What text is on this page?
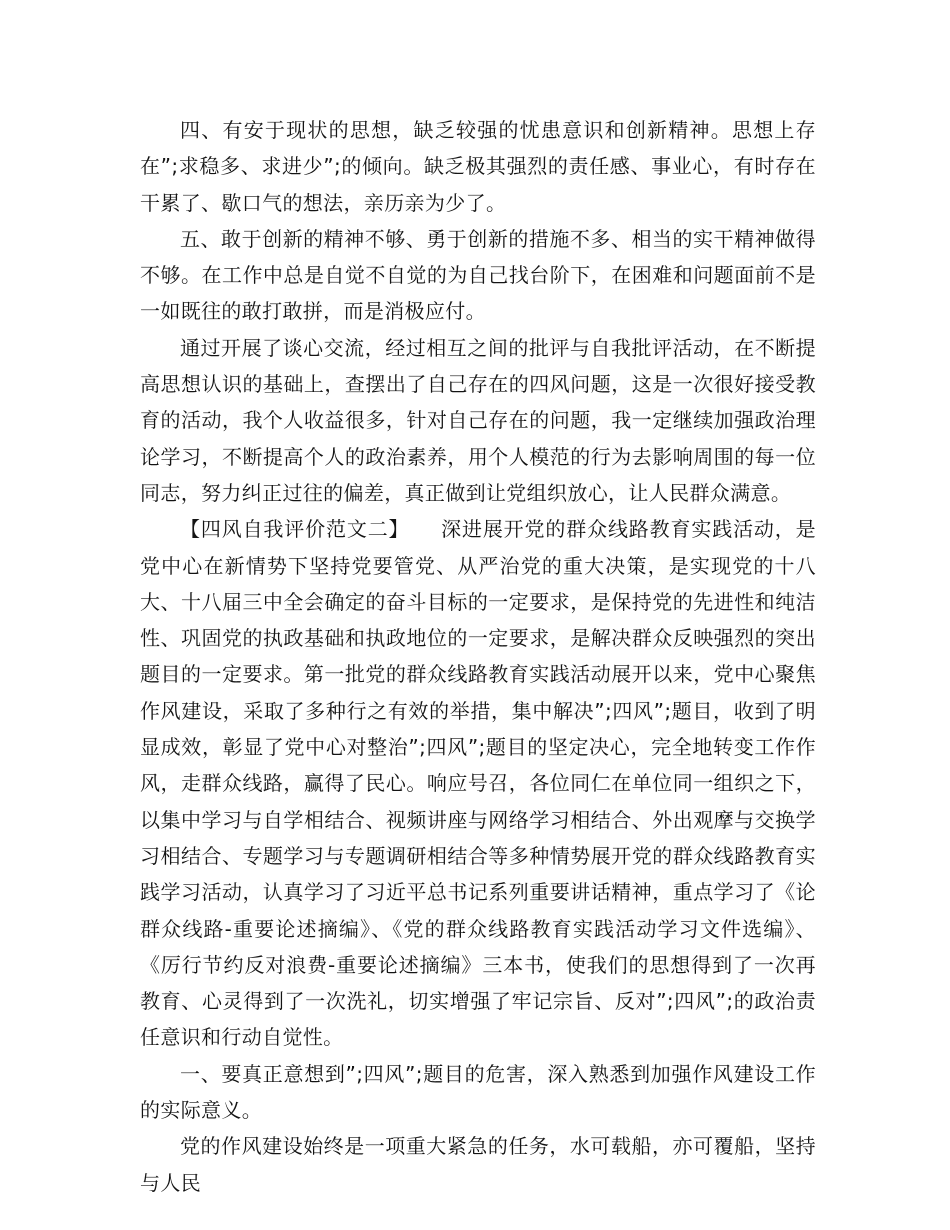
四、有安于现状的思想，缺乏较强的忧患意识和创新精神。思想上存在”;求稳多、求进少”;的倾向。缺乏极其强烈的责任感、事业心，有时存在干累了、歇口气的想法，亲历亲为少了。

五、敢于创新的精神不够、勇于创新的措施不多、相当的实干精神做得不够。在工作中总是自觉不自觉的为自己找台阶下，在困难和问题面前不是一如既往的敢打敢拼，而是消极应付。

通过开展了谈心交流，经过相互之间的批评与自我批评活动，在不断提高思想认识的基础上，查摆出了自己存在的四风问题，这是一次很好接受教育的活动，我个人收益很多，针对自己存在的问题，我一定继续加强政治理论学习，不断提高个人的政治素养，用个人模范的行为去影响周围的每一位同志，努力纠正过往的偏差，真正做到让党组织放心，让人民群众满意。

【四风自我评价范文二】　　深进展开党的群众线路教育实践活动，是党中心在新情势下坚持党要管党、从严治党的重大决策，是实现党的十八大、十八届三中全会确定的奋斗目标的一定要求，是保持党的先进性和纯洁性、巩固党的执政基础和执政地位的一定要求，是解决群众反映强烈的突出题目的一定要求。第一批党的群众线路教育实践活动展开以来，党中心聚焦作风建设，采取了多种行之有效的举措，集中解决”;四风”;题目，收到了明显成效，彰显了党中心对整治”;四风”;题目的坚定决心，完全地转变工作作风，走群众线路，赢得了民心。响应号召，各位同仁在单位同一组织之下，以集中学习与自学相结合、视频讲座与网络学习相结合、外出观摩与交换学习相结合、专题学习与专题调研相结合等多种情势展开党的群众线路教育实践学习活动，认真学习了习近平总书记系列重要讲话精神，重点学习了《论群众线路-重要论述摘编》、《党的群众线路教育实践活动学习文件选编》、《厉行节约反对浪费-重要论述摘编》三本书，使我们的思想得到了一次再教育、心灵得到了一次洗礼，切实增强了牢记宗旨、反对”;四风”;的政治责任意识和行动自觉性。

一、要真正意想到”;四风”;题目的危害，深入熟悉到加强作风建设工作的实际意义。

党的作风建设始终是一项重大紧急的任务，水可载船，亦可覆船，坚持与人民
